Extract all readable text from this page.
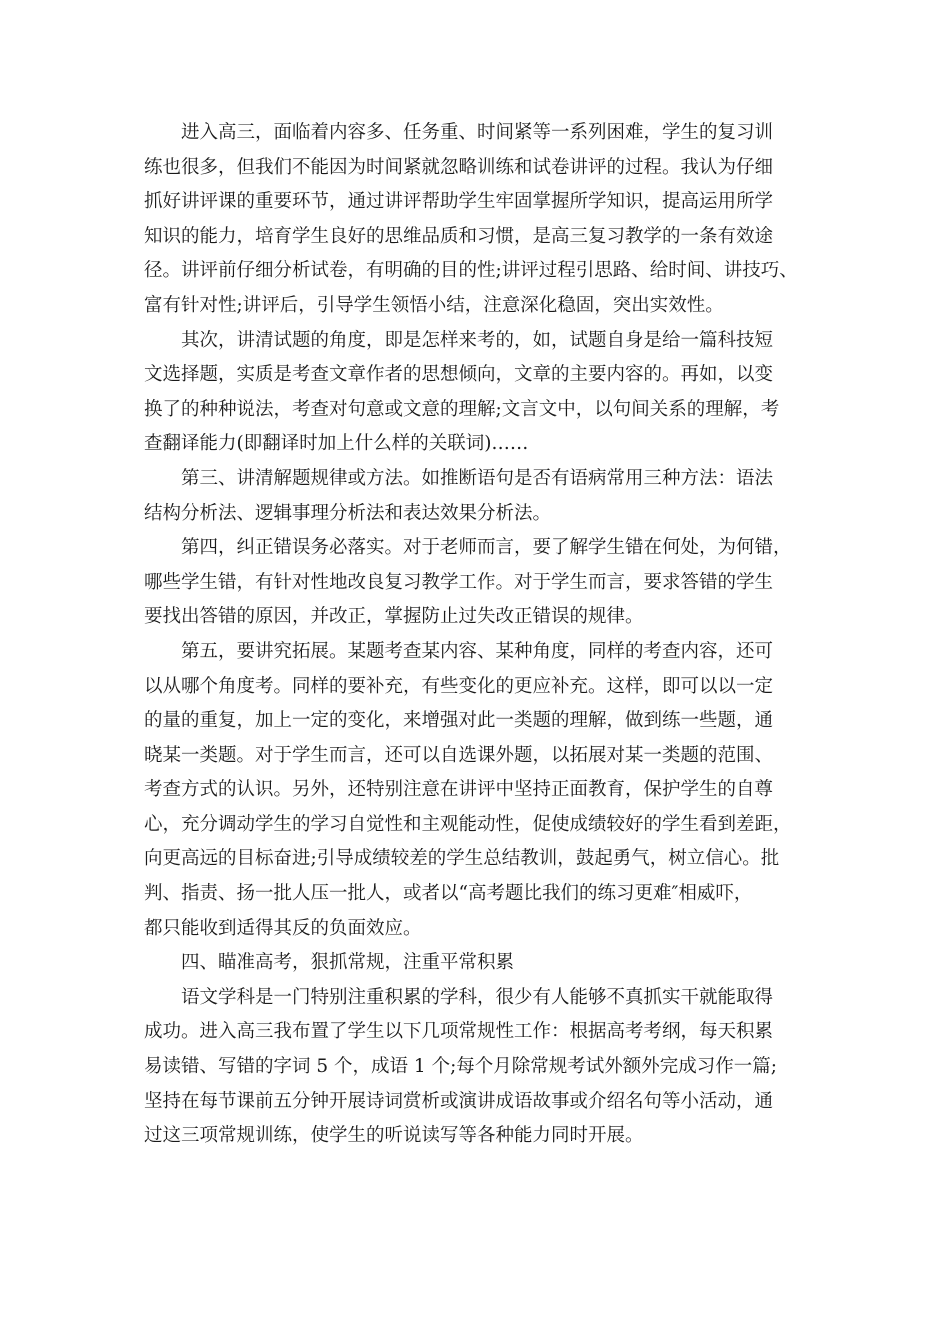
进入高三，面临着内容多、任务重、时间紧等一系列困难，学生的复习训
练也很多，但我们不能因为时间紧就忽略训练和试卷讲评的过程。我认为仔细
抓好讲评课的重要环节，通过讲评帮助学生牢固掌握所学知识，提高运用所学
知识的能力，培育学生良好的思维品质和习惯，是高三复习教学的一条有效途
径。讲评前仔细分析试卷，有明确的目的性;讲评过程引思路、给时间、讲技巧、
富有针对性;讲评后，引导学生领悟小结，注意深化稳固，突出实效性。
其次，讲清试题的角度，即是怎样来考的，如，试题自身是给一篇科技短
文选择题，实质是考查文章作者的思想倾向，文章的主要内容的。再如，以变
换了的种种说法，考查对句意或文意的理解;文言文中，以句间关系的理解，考
查翻译能力(即翻译时加上什么样的关联词)……
第三、讲清解题规律或方法。如推断语句是否有语病常用三种方法：语法
结构分析法、逻辑事理分析法和表达效果分析法。
第四，纠正错误务必落实。对于老师而言，要了解学生错在何处，为何错，
哪些学生错，有针对性地改良复习教学工作。对于学生而言，要求答错的学生
要找出答错的原因，并改正，掌握防止过失改正错误的规律。
第五，要讲究拓展。某题考查某内容、某种角度，同样的考查内容，还可
以从哪个角度考。同样的要补充，有些变化的更应补充。这样，即可以以一定
的量的重复，加上一定的变化，来增强对此一类题的理解，做到练一些题，通
晓某一类题。对于学生而言，还可以自选课外题，以拓展对某一类题的范围、
考查方式的认识。另外，还特别注意在讲评中坚持正面教育，保护学生的自尊
心，充分调动学生的学习自觉性和主观能动性，促使成绩较好的学生看到差距，
向更高远的目标奋进;引导成绩较差的学生总结教训，鼓起勇气，树立信心。批
判、指责、扬一批人压一批人，或者以“高考题比我们的练习更难″相威吓，
都只能收到适得其反的负面效应。
四、瞄准高考，狠抓常规，注重平常积累
语文学科是一门特别注重积累的学科，很少有人能够不真抓实干就能取得
成功。进入高三我布置了学生以下几项常规性工作：根据高考考纲，每天积累
易读错、写错的字词 5 个，成语 1 个;每个月除常规考试外额外完成习作一篇;
坚持在每节课前五分钟开展诗词赏析或演讲成语故事或介绍名句等小活动，通
过这三项常规训练，使学生的听说读写等各种能力同时开展。
